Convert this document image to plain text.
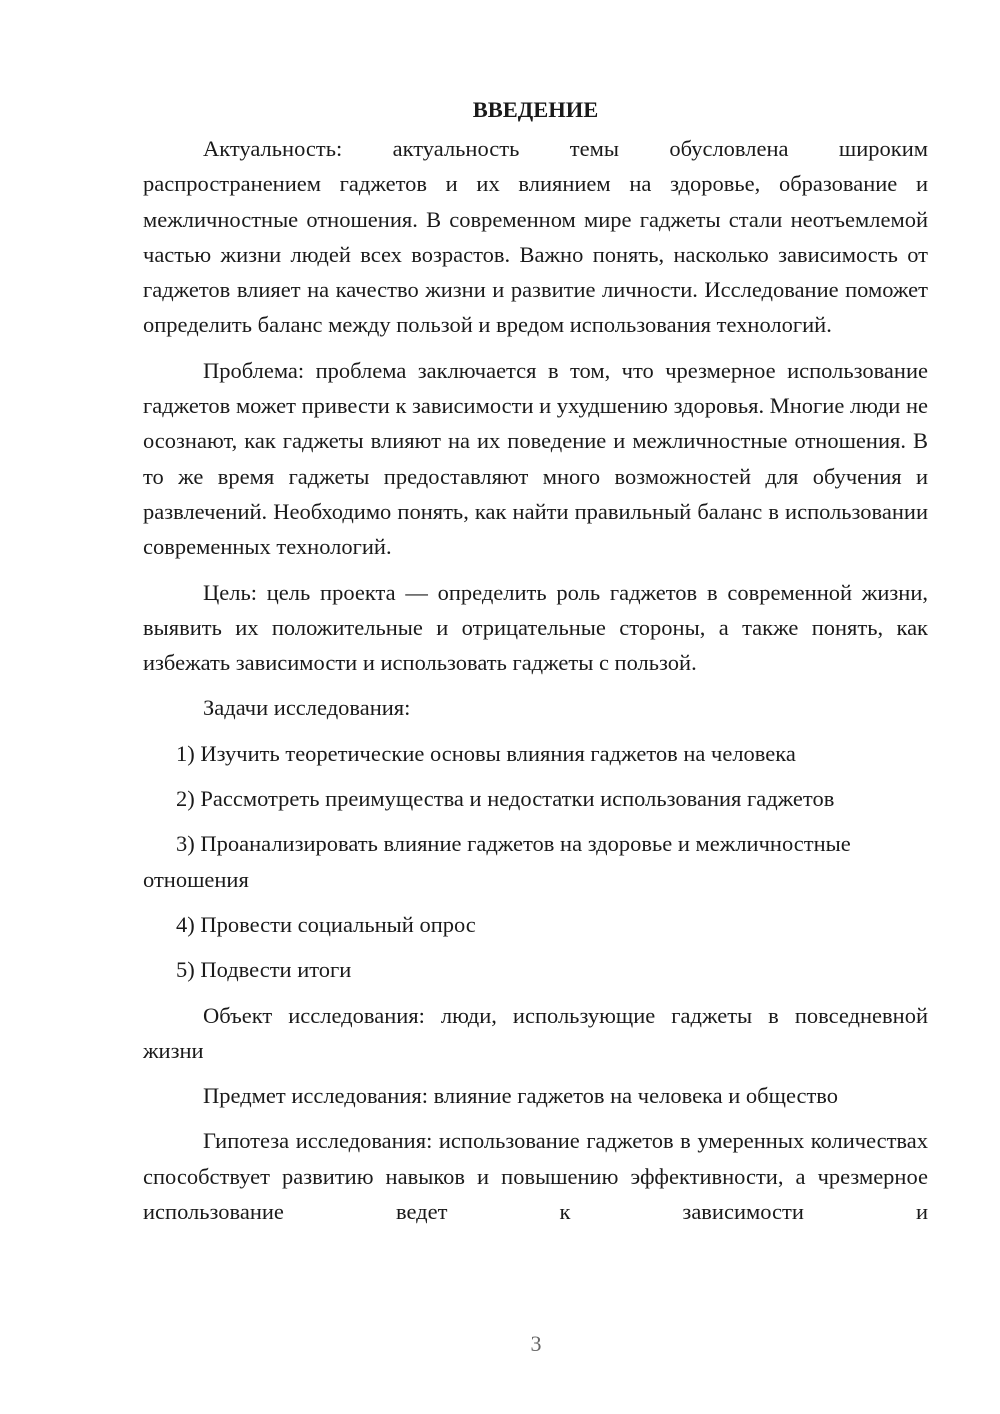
ВВЕДЕНИЕ

Актуальность: актуальность темы обусловлена широким распространением гаджетов и их влиянием на здоровье, образование и межличностные отношения. В современном мире гаджеты стали неотъемлемой частью жизни людей всех возрастов. Важно понять, насколько зависимость от гаджетов влияет на качество жизни и развитие личности. Исследование поможет определить баланс между пользой и вредом использования технологий.

Проблема: проблема заключается в том, что чрезмерное использование гаджетов может привести к зависимости и ухудшению здоровья. Многие люди не осознают, как гаджеты влияют на их поведение и межличностные отношения. В то же время гаджеты предоставляют много возможностей для обучения и развлечений. Необходимо понять, как найти правильный баланс в использовании современных технологий.

Цель: цель проекта — определить роль гаджетов в современной жизни, выявить их положительные и отрицательные стороны, а также понять, как избежать зависимости и использовать гаджеты с пользой.

Задачи исследования:

1) Изучить теоретические основы влияния гаджетов на человека

2) Рассмотреть преимущества и недостатки использования гаджетов

3) Проанализировать влияние гаджетов на здоровье и межличностные отношения

4) Провести социальный опрос

5) Подвести итоги

Объект исследования: люди, использующие гаджеты в повседневной жизни

Предмет исследования: влияние гаджетов на человека и общество

Гипотеза исследования: использование гаджетов в умеренных количествах способствует развитию навыков и повышению эффективности, а чрезмерное использование ведет к зависимости и

3
